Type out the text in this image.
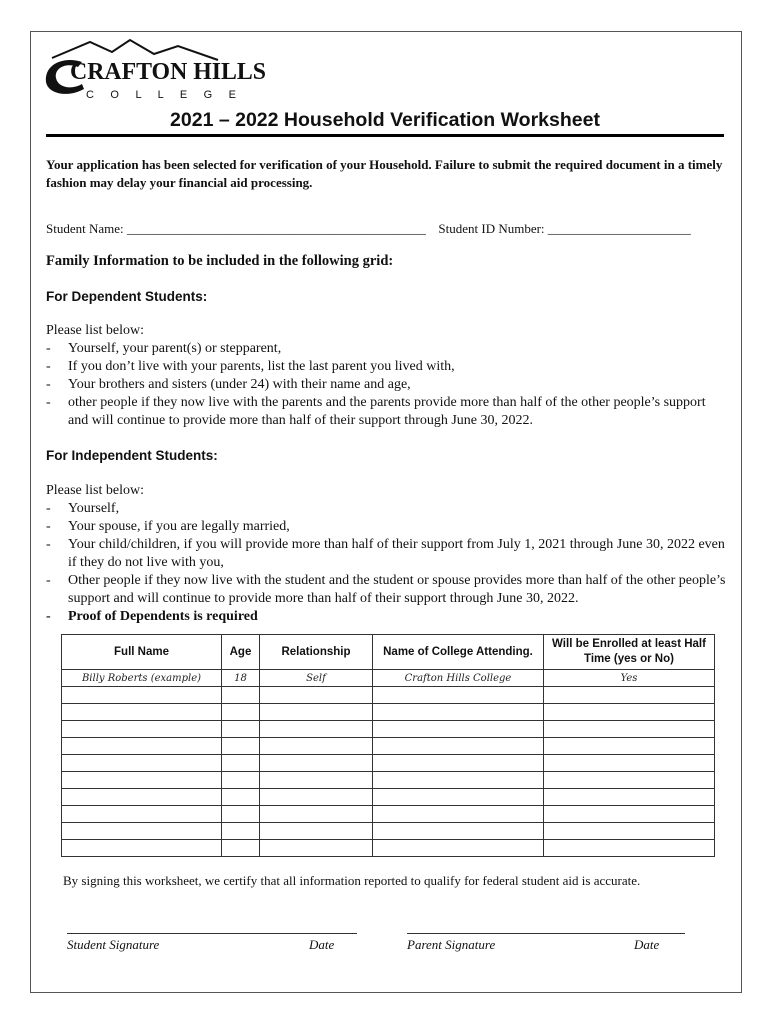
CRAFTON HILLS
C O L L E G E
2021 – 2022 Household Verification Worksheet
Your application has been selected for verification of your Household. Failure to submit the required document in a timely fashion may delay your financial aid processing.
Student Name: ______________________________________________ Student ID Number: ______________________
Family Information to be included in the following grid:
For Dependent Students:
Please list below:
- Yourself, your parent(s) or stepparent,
- If you don’t live with your parents, list the last parent you lived with,
- Your brothers and sisters (under 24) with their name and age,
- other people if they now live with the parents and the parents provide more than half of the other people’s support and will continue to provide more than half of their support through June 30, 2022.
For Independent Students:
Please list below:
- Yourself,
- Your spouse, if you are legally married,
- Your child/children, if you will provide more than half of their support from July 1, 2021 through June 30, 2022 even if they do not live with you,
- Other people if they now live with the student and the student or spouse provides more than half of the other people’s support and will continue to provide more than half of their support through June 30, 2022.
- Proof of Dependents is required
Full Name	Age	Relationship	Name of College Attending.	Will be Enrolled at least Half Time (yes or No)
Billy Roberts (example)	18	Self	Crafton Hills College	Yes

By signing this worksheet, we certify that all information reported to qualify for federal student aid is accurate.
Student Signature	Date	Parent Signature	Date
